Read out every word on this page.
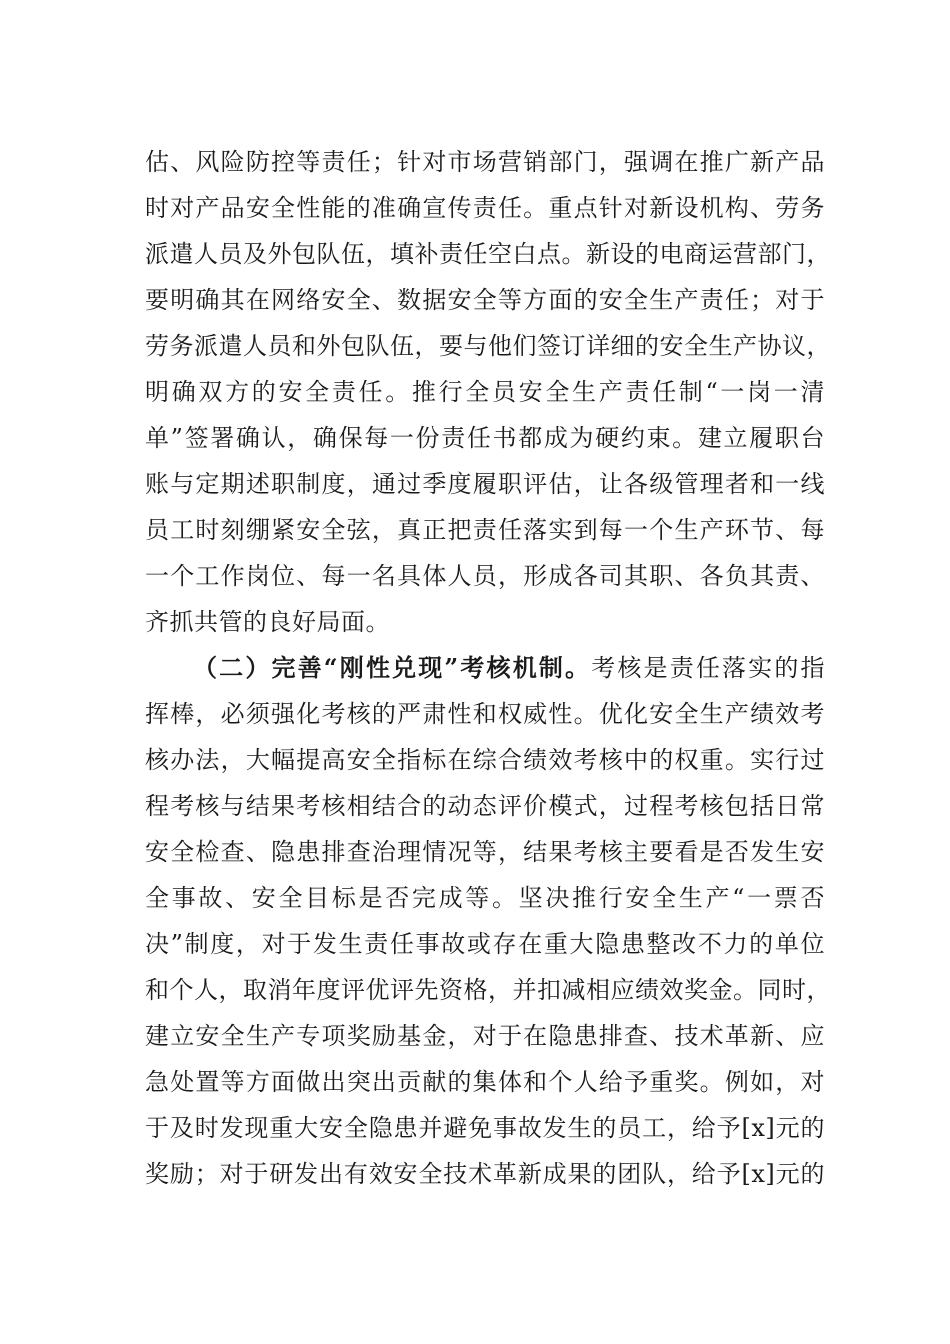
估、风险防控等责任；针对市场营销部门，强调在推广新产品
时对产品安全性能的准确宣传责任。重点针对新设机构、劳务
派遣人员及外包队伍，填补责任空白点。新设的电商运营部门，
要明确其在网络安全、数据安全等方面的安全生产责任；对于
劳务派遣人员和外包队伍，要与他们签订详细的安全生产协议，
明确双方的安全责任。推行全员安全生产责任制“一岗一清
单”签署确认，确保每一份责任书都成为硬约束。建立履职台
账与定期述职制度，通过季度履职评估，让各级管理者和一线
员工时刻绷紧安全弦，真正把责任落实到每一个生产环节、每
一个工作岗位、每一名具体人员，形成各司其职、各负其责、
齐抓共管的良好局面。
（二）完善“刚性兑现”考核机制。考核是责任落实的指
挥棒，必须强化考核的严肃性和权威性。优化安全生产绩效考
核办法，大幅提高安全指标在综合绩效考核中的权重。实行过
程考核与结果考核相结合的动态评价模式，过程考核包括日常
安全检查、隐患排查治理情况等，结果考核主要看是否发生安
全事故、安全目标是否完成等。坚决推行安全生产“一票否
决”制度，对于发生责任事故或存在重大隐患整改不力的单位
和个人，取消年度评优评先资格，并扣减相应绩效奖金。同时，
建立安全生产专项奖励基金，对于在隐患排查、技术革新、应
急处置等方面做出突出贡献的集体和个人给予重奖。例如，对
于及时发现重大安全隐患并避免事故发生的员工，给予[x]元的
奖励；对于研发出有效安全技术革新成果的团队，给予[x]元的
